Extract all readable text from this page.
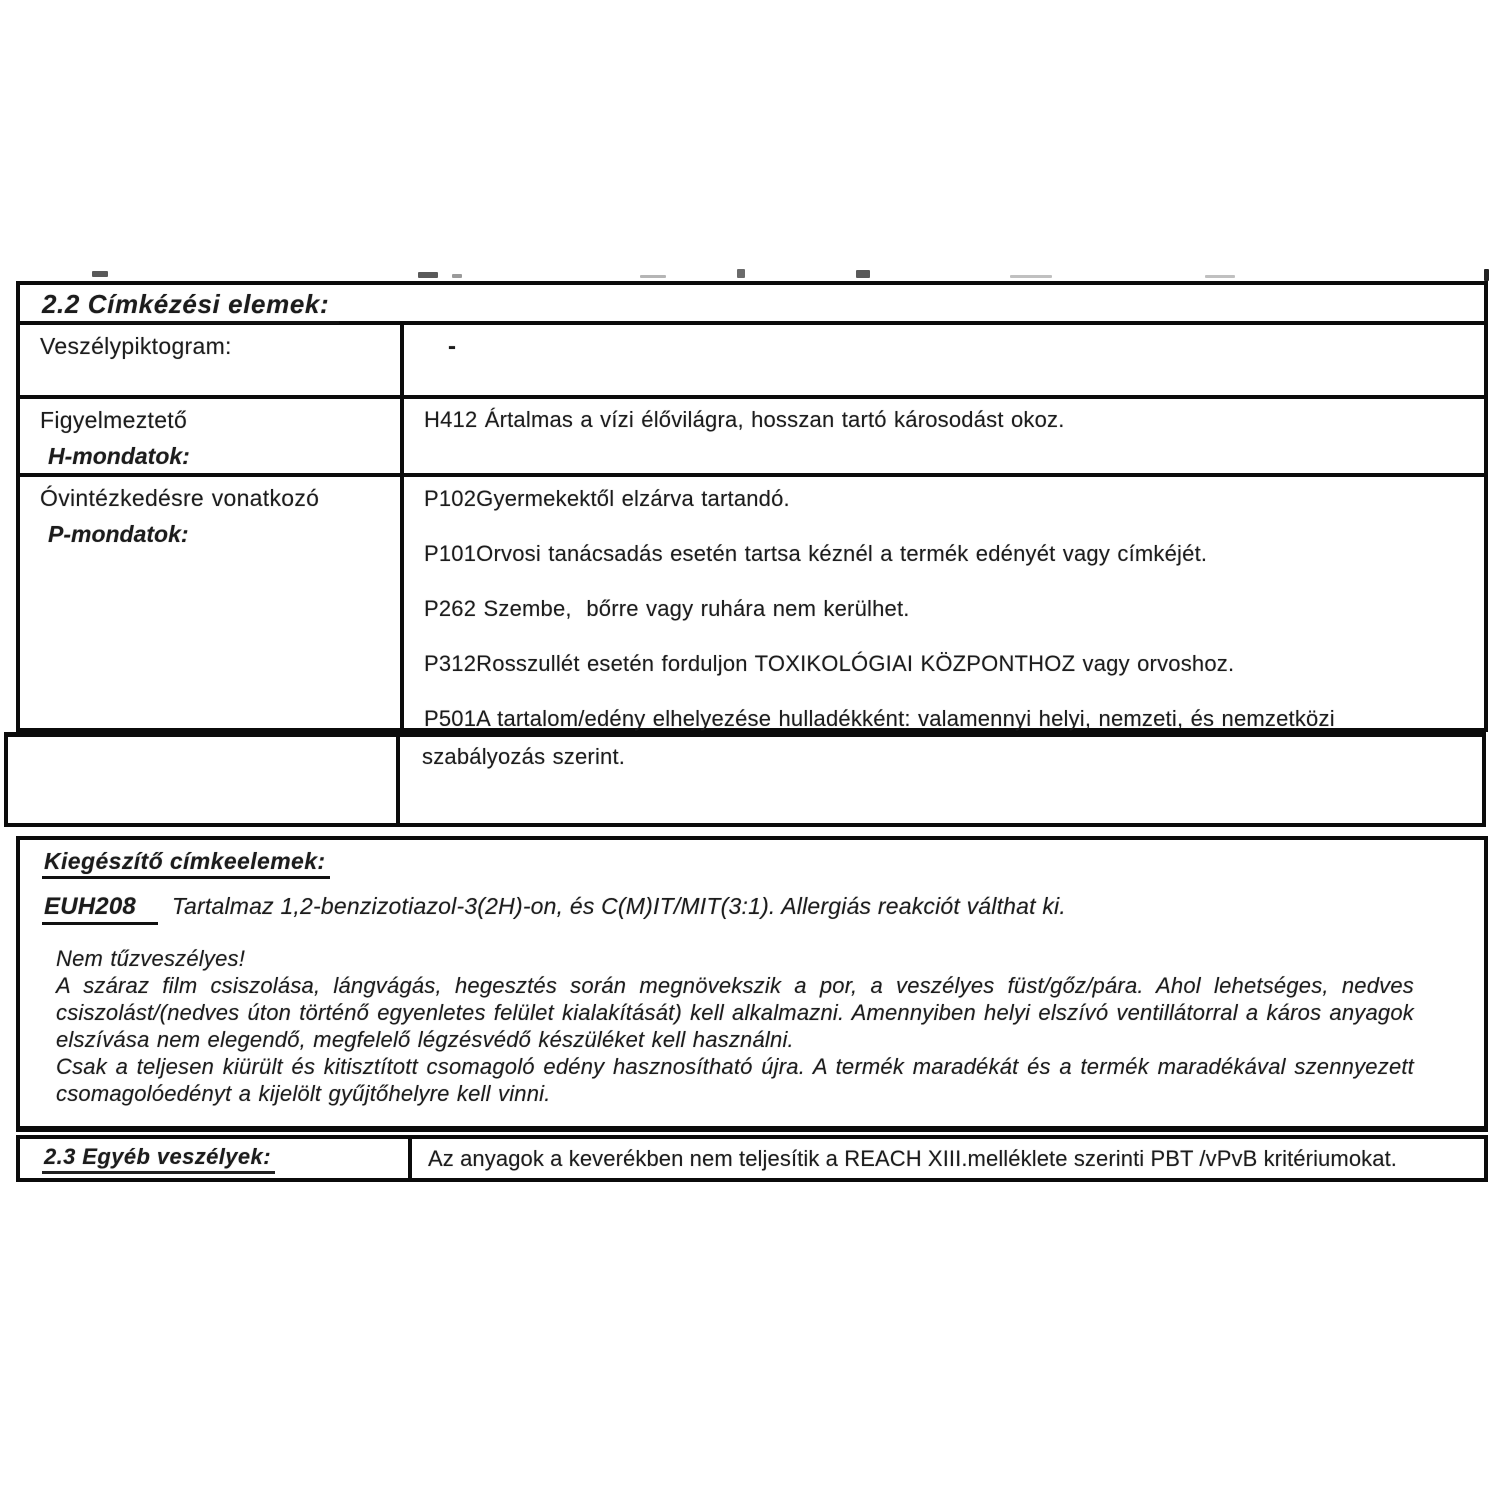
2.2 Címkézési elemek:
Veszélypiktogram:	-
Figyelmeztető
H-mondatok:
H412 Ártalmas a vízi élővilágra, hosszan tartó károsodást okoz.
Óvintézkedésre vonatkozó
P-mondatok:

P102Gyermekektől elzárva tartandó.

P101Orvosi tanácsadás esetén tartsa kéznél a termék edényét vagy címkéjét.

P262 Szembe,  bőrre vagy ruhára nem kerülhet.

P312Rosszullét esetén forduljon TOXIKOLÓGIAI KÖZPONTHOZ vagy orvoshoz.

P501A tartalom/edény elhelyezése hulladékként: valamennyi helyi, nemzeti, és nemzetközi

szabályozás szerint.
Kiegészítő címkeelemek:
EUH208 Tartalmaz 1,2-benzizotiazol-3(2H)-on, és C(M)IT/MIT(3:1). Allergiás reakciót válthat ki.

Nem tűzveszélyes!

A száraz film csiszolása, lángvágás, hegesztés során megnövekszik a por, a veszélyes füst/gőz/pára. Ahol lehetséges, nedves csiszolást/(nedves úton történő egyenletes felület kialakítását) kell alkalmazni. Amennyiben helyi elszívó ventillátorral a káros anyagok elszívása nem elegendő, megfelelő légzésvédő készüléket kell használni.

Csak a teljesen kiürült és kitisztított csomagoló edény hasznosítható újra. A termék maradékát és a termék maradékával szennyezett csomagolóedényt a kijelölt gyűjtőhelyre kell vinni.

2.3 Egyéb veszélyek:	Az anyagok a keverékben nem teljesítik a REACH XIII.melléklete szerinti PBT /vPvB kritériumokat.
